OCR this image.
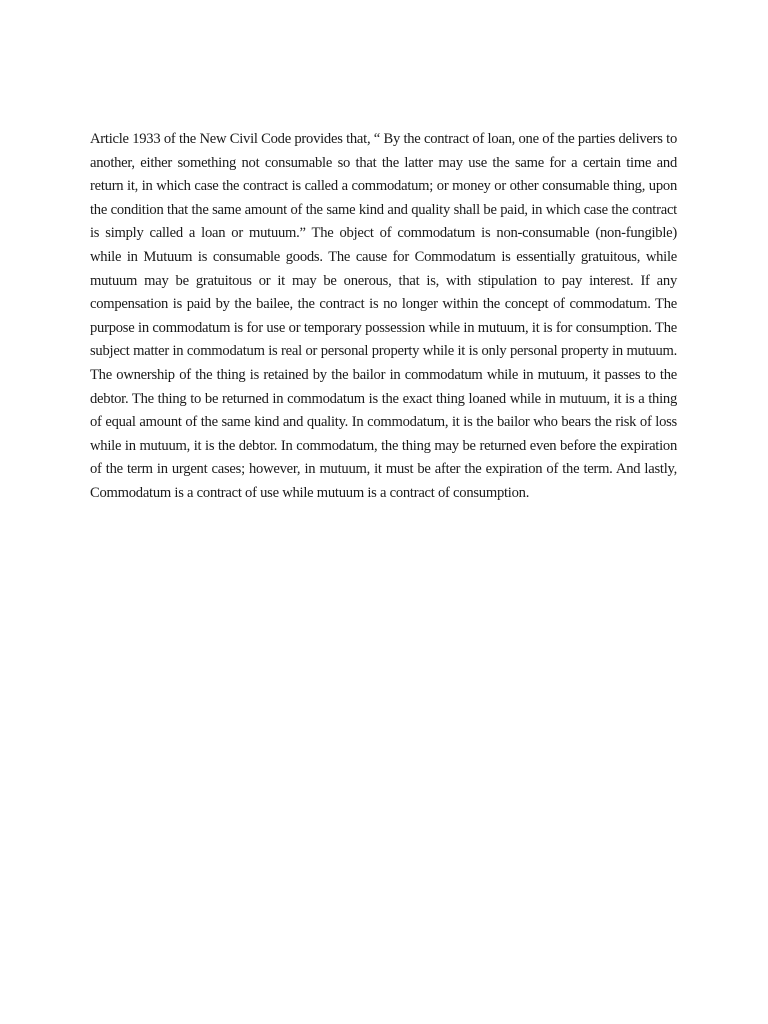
Article 1933 of the New Civil Code provides that, “ By the contract of loan, one of the parties delivers to another, either something not consumable so that the latter may use the same for a certain time and return it, in which case the contract is called a commodatum; or money or other consumable thing, upon the condition that the same amount of the same kind and quality shall be paid, in which case the contract is simply called a loan or mutuum.” The object of commodatum is non-consumable (non-fungible) while in Mutuum is consumable goods. The cause for Commodatum is essentially gratuitous, while mutuum may be gratuitous or it may be onerous, that is, with stipulation to pay interest. If any compensation is paid by the bailee, the contract is no longer within the concept of commodatum. The purpose in commodatum is for use or temporary possession while in mutuum, it is for consumption. The subject matter in commodatum is real or personal property while it is only personal property in mutuum. The ownership of the thing is retained by the bailor in commodatum while in mutuum, it passes to the debtor. The thing to be returned in commodatum is the exact thing loaned while in mutuum, it is a thing of equal amount of the same kind and quality. In commodatum, it is the bailor who bears the risk of loss while in mutuum, it is the debtor. In commodatum, the thing may be returned even before the expiration of the term in urgent cases; however, in mutuum, it must be after the expiration of the term. And lastly, Commodatum is a contract of use while mutuum is a contract of consumption.
